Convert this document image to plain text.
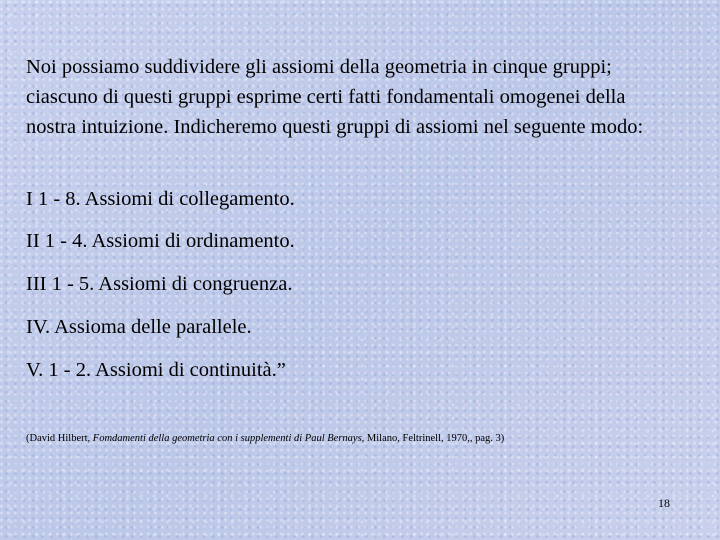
Noi possiamo suddividere gli assiomi della geometria in cinque gruppi; ciascuno di questi gruppi esprime certi fatti fondamentali omogenei della nostra intuizione. Indicheremo questi gruppi di assiomi nel seguente modo:

I 1 - 8. Assiomi di collegamento.

II 1 - 4. Assiomi di ordinamento.

III 1 - 5. Assiomi di congruenza.

IV. Assioma delle parallele.

V. 1 - 2. Assiomi di continuità.”

(David Hilbert, Fomdamenti della geometria con i supplementi di Paul Bernays, Milano, Feltrinell, 1970,, pag. 3)

18
